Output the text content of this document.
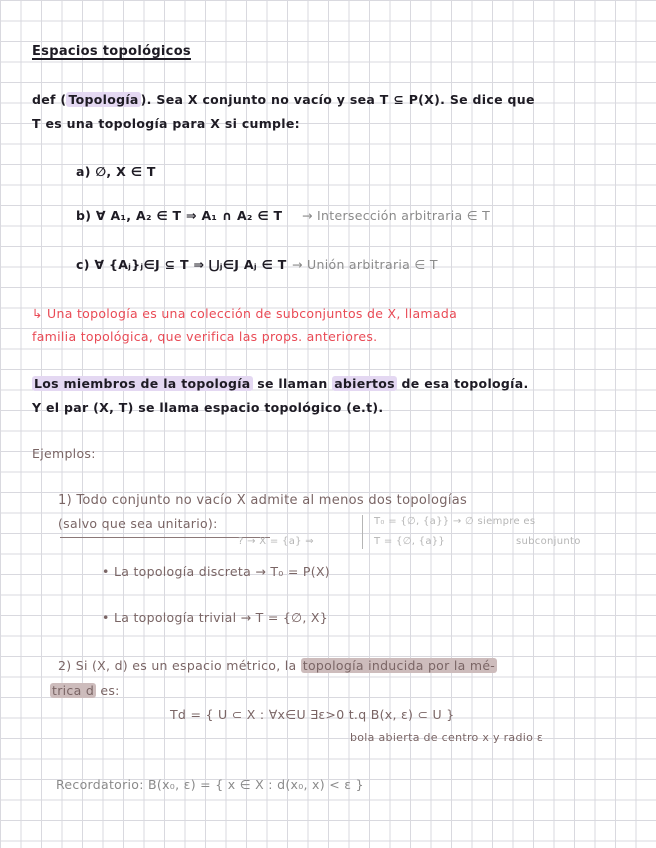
Espacios topológicos
def ( Topología ). Sea X conjunto no vacío y sea T ⊆ P(X). Se dice que
T es una topología para X si cumple:
a) ∅, X ∈ T
b) ∀ A₁, A₂ ∈ T ⇒ A₁ ∩ A₂ ∈ T → Intersección arbitraria ∈ T
c) ∀ {Aⱼ}ⱼ∈J ⊆ T ⇒ ⋃ⱼ∈J Aⱼ ∈ T → Unión arbitraria ∈ T
↳ Una topología es una colección de subconjuntos de X, llamada
familia topológica, que verifica las props. anteriores.
Los miembros de la topología se llaman abiertos de esa topología.
Y el par (X, T) se llama espacio topológico (e.t).
Ejemplos:
1) Todo conjunto no vacío X admite al menos dos topologías
(salvo que sea unitario):
? → X = {a} ⇒
T₀ = {∅, {a}} → ∅ siempre es
T = {∅, {a}}	subconjunto
• La topología discreta → T₀ = P(X)
• La topología trivial → T = {∅, X}
2) Si (X, d) es un espacio métrico, la topología inducida por la mé-
trica d es:
Td = { U ⊂ X : ∀x∈U ∃ε>0 t.q B(x, ε) ⊂ U }
bola abierta de centro x y radio ε
Recordatorio: B(x₀, ε) = { x ∈ X : d(x₀, x) < ε }
